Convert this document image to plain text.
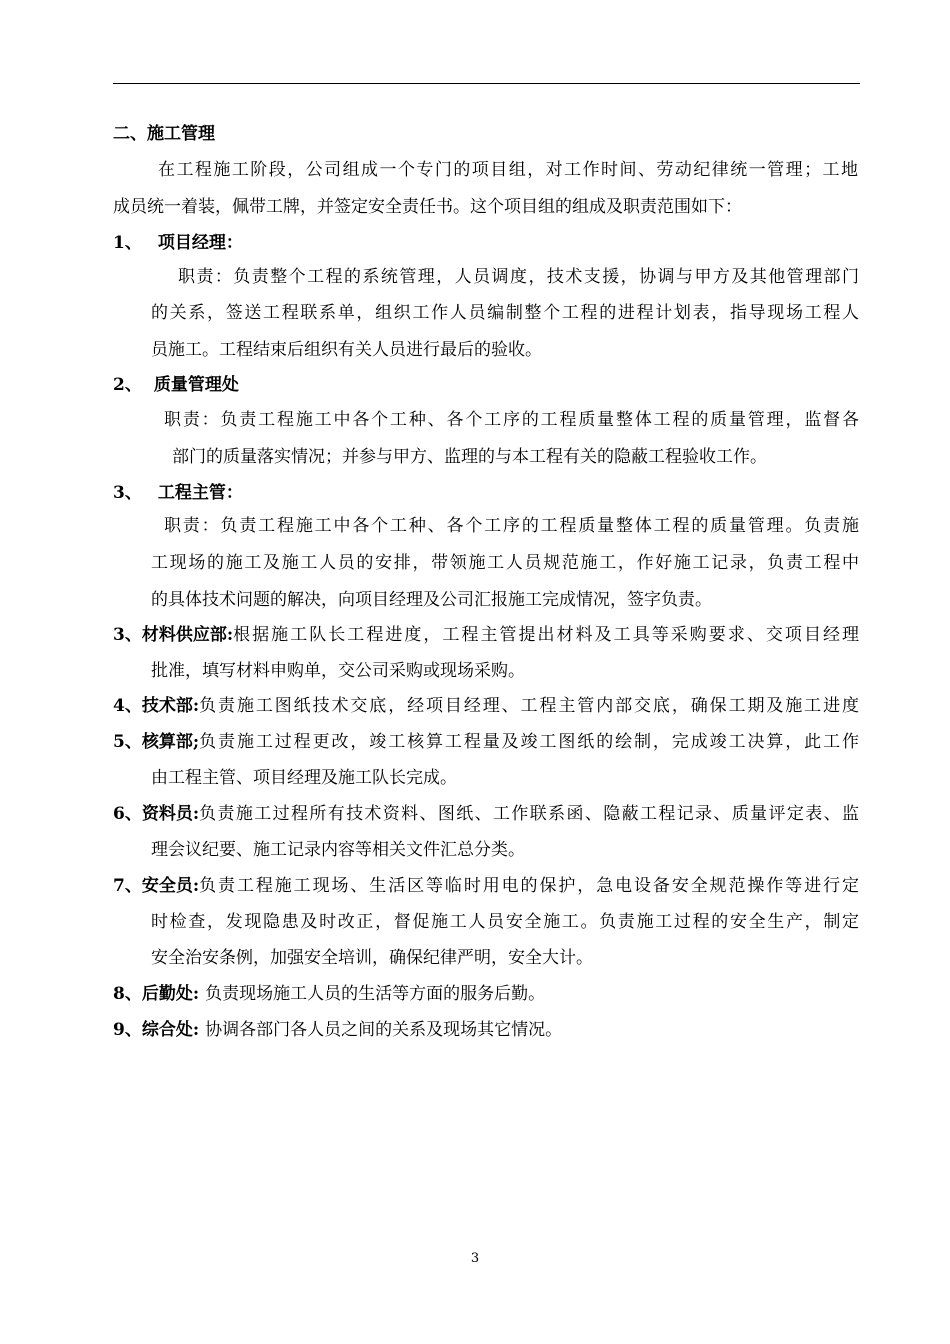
二、施工管理
在工程施工阶段，公司组成一个专门的项目组，对工作时间、劳动纪律统一管理；工地
成员统一着装，佩带工牌，并签定安全责任书。这个项目组的组成及职责范围如下：
1、 项目经理：
职责：负责整个工程的系统管理，人员调度，技术支援，协调与甲方及其他管理部门
的关系，签送工程联系单，组织工作人员编制整个工程的进程计划表，指导现场工程人
员施工。工程结束后组织有关人员进行最后的验收。
2、 质量管理处
职责：负责工程施工中各个工种、各个工序的工程质量整体工程的质量管理，监督各
部门的质量落实情况；并参与甲方、监理的与本工程有关的隐蔽工程验收工作。
3、 工程主管：
职责：负责工程施工中各个工种、各个工序的工程质量整体工程的质量管理。负责施
工现场的施工及施工人员的安排，带领施工人员规范施工，作好施工记录，负责工程中
的具体技术问题的解决，向项目经理及公司汇报施工完成情况，签字负责。
3、 材料供应部: 根据施工队长工程进度，工程主管提出材料及工具等采购要求、交项目经理
批准，填写材料申购单，交公司采购或现场采购。
4、 技术部: 负责施工图纸技术交底，经项目经理、工程主管内部交底，确保工期及施工进度
5、 核算部; 负责施工过程更改，竣工核算工程量及竣工图纸的绘制，完成竣工决算，此工作
由工程主管、项目经理及施工队长完成。
6、 资料员: 负责施工过程所有技术资料、图纸、工作联系函、隐蔽工程记录、质量评定表、监
理会议纪要、施工记录内容等相关文件汇总分类。
7、 安全员: 负责工程施工现场、生活区等临时用电的保护，急电设备安全规范操作等进行定
时检查，发现隐患及时改正，督促施工人员安全施工。负责施工过程的安全生产，制定
安全治安条例，加强安全培训，确保纪律严明，安全大计。
8、后勤处: 负责现场施工人员的生活等方面的服务后勤。
9、综合处: 协调各部门各人员之间的关系及现场其它情况。
3
